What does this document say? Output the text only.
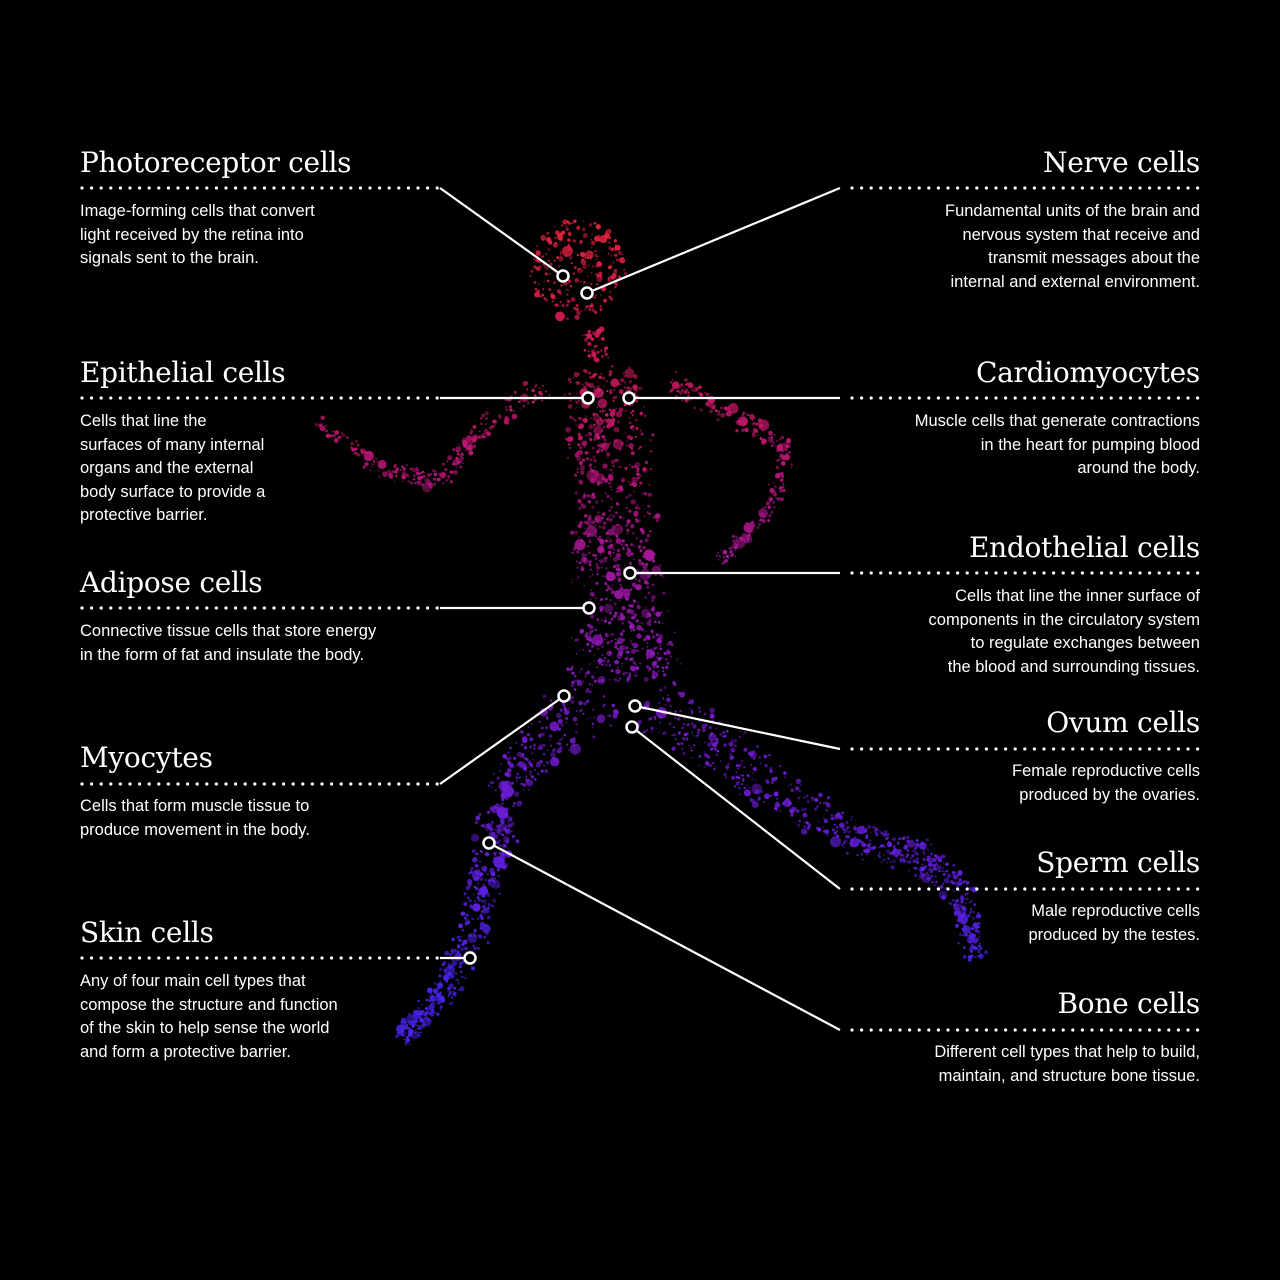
Photoreceptor cells

Image-forming cells that convert
light received by the retina into
signals sent to the brain.

Epithelial cells

Cells that line the
surfaces of many internal
organs and the external
body surface to provide a
protective barrier.

Adipose cells

Connective tissue cells that store energy
in the form of fat and insulate the body.

Myocytes

Cells that form muscle tissue to
produce movement in the body.

Skin cells

Any of four main cell types that
compose the structure and function
of the skin to help sense the world
and form a protective barrier.

Nerve cells

Fundamental units of the brain and
nervous system that receive and
transmit messages about the
internal and external environment.

Cardiomyocytes

Muscle cells that generate contractions
in the heart for pumping blood
around the body.

Endothelial cells

Cells that line the inner surface of
components in the circulatory system
to regulate exchanges between
the blood and surrounding tissues.

Ovum cells

Female reproductive cells
produced by the ovaries.

Sperm cells

Male reproductive cells
produced by the testes.

Bone cells

Different cell types that help to build,
maintain, and structure bone tissue.
